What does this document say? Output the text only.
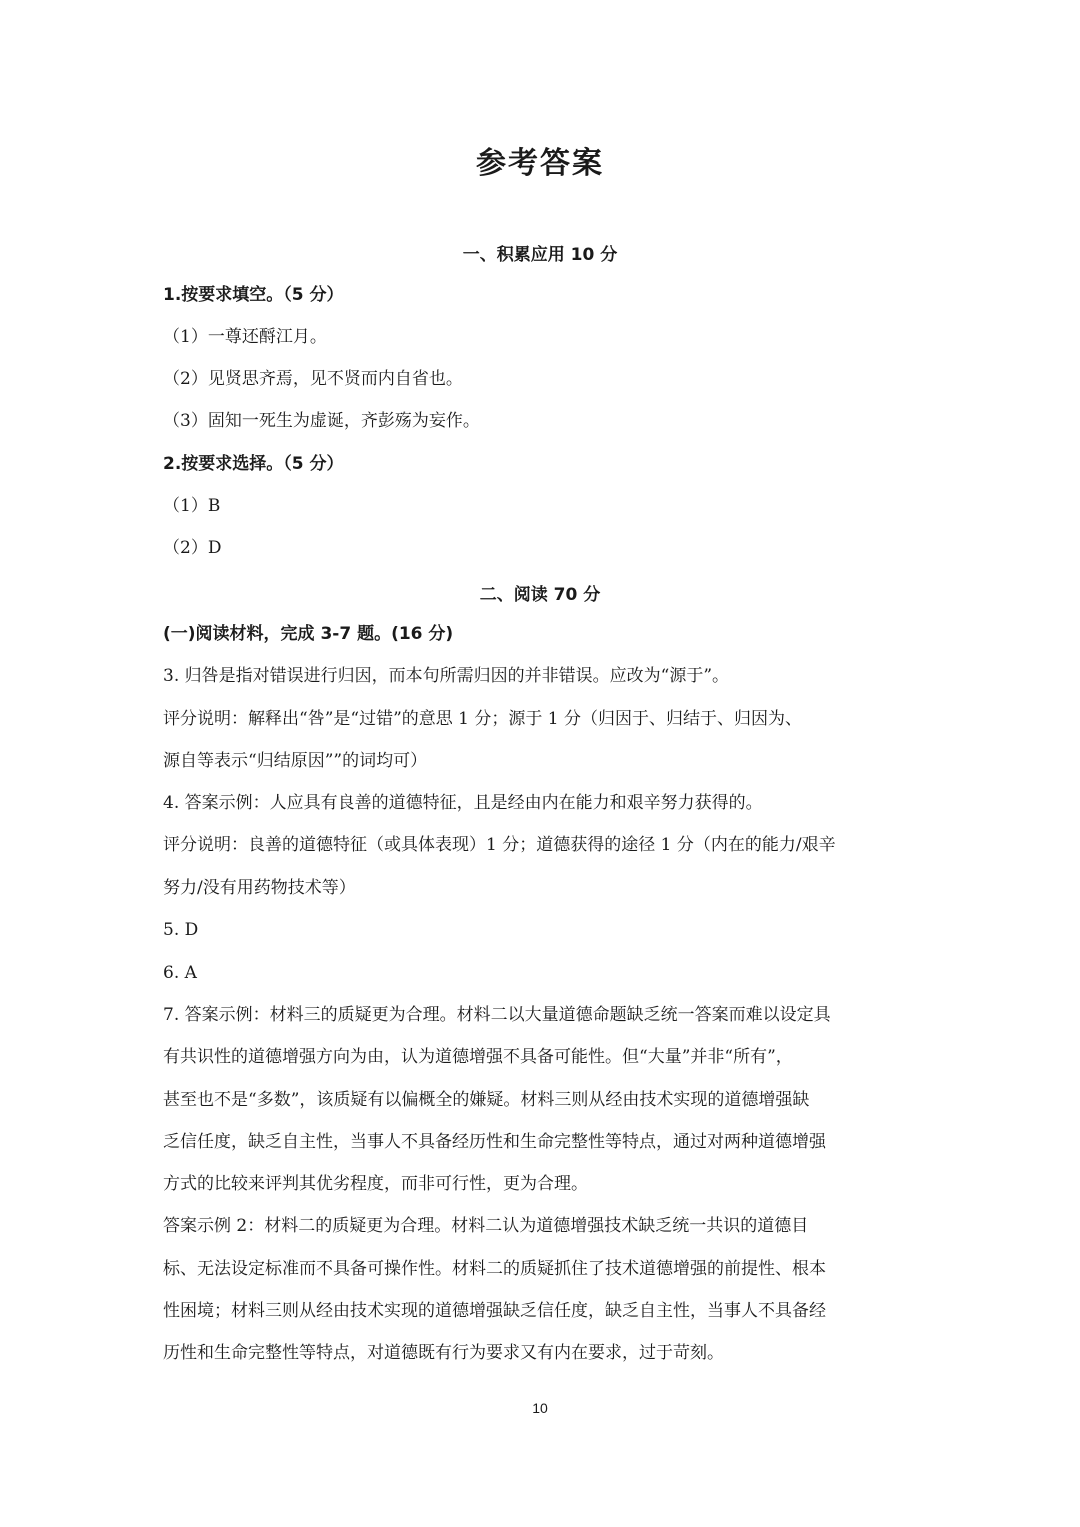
参考答案
一、积累应用 10 分
1.按要求填空。（5 分）
（1）一尊还酹江月。
（2）见贤思齐焉，见不贤而内自省也。
（3）固知一死生为虚诞，齐彭殇为妄作。
2.按要求选择。（5 分）
（1）B
（2）D
二、阅读 70 分
(一)阅读材料，完成 3-7 题。(16 分)
3. 归咎是指对错误进行归因，而本句所需归因的并非错误。应改为“源于”。
评分说明：解释出“咎”是“过错”的意思 1 分；源于 1 分（归因于、归结于、归因为、
源自等表示“归结原因””的词均可）
4. 答案示例：人应具有良善的道德特征，且是经由内在能力和艰辛努力获得的。
评分说明：良善的道德特征（或具体表现）1 分；道德获得的途径 1 分（内在的能力/艰辛
努力/没有用药物技术等）
5. D
6. A
7. 答案示例：材料三的质疑更为合理。材料二以大量道德命题缺乏统一答案而难以设定具
有共识性的道德增强方向为由，认为道德增强不具备可能性。但“大量”并非“所有”，
甚至也不是“多数”，该质疑有以偏概全的嫌疑。材料三则从经由技术实现的道德增强缺
乏信任度，缺乏自主性，当事人不具备经历性和生命完整性等特点，通过对两种道德增强
方式的比较来评判其优劣程度，而非可行性，更为合理。
答案示例 2：材料二的质疑更为合理。材料二认为道德增强技术缺乏统一共识的道德目
标、无法设定标准而不具备可操作性。材料二的质疑抓住了技术道德增强的前提性、根本
性困境；材料三则从经由技术实现的道德增强缺乏信任度，缺乏自主性，当事人不具备经
历性和生命完整性等特点，对道德既有行为要求又有内在要求，过于苛刻。
10
